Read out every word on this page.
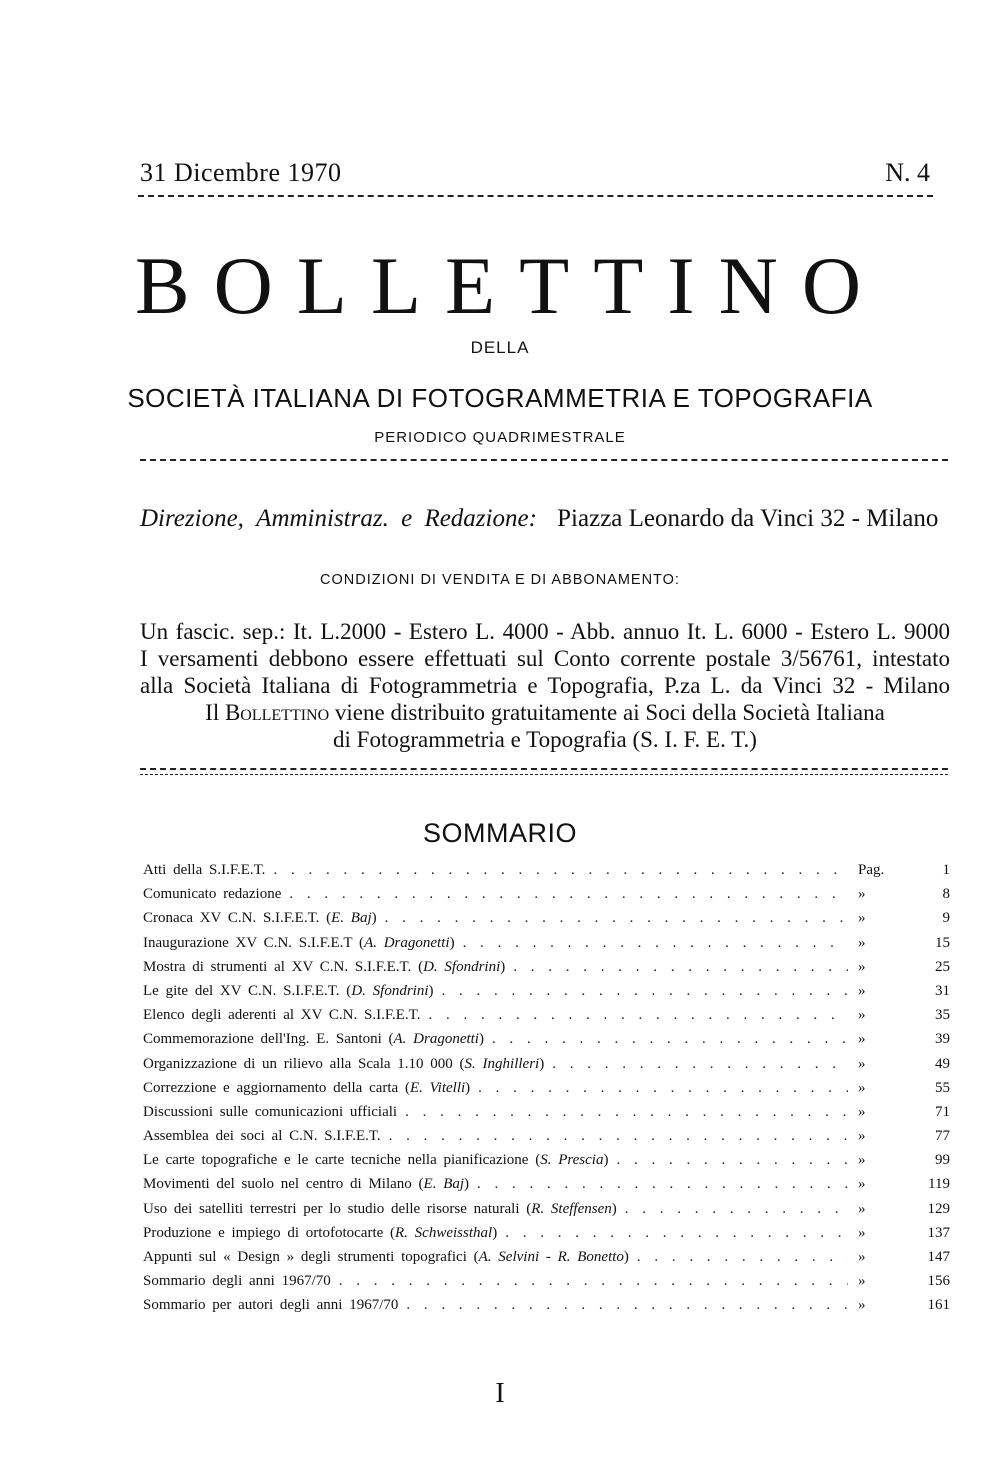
31 Dicembre 1970	N. 4
BOLLETTINO
DELLA
SOCIETÀ ITALIANA DI FOTOGRAMMETRIA E TOPOGRAFIA
PERIODICO QUADRIMESTRALE
Direzione, Amministraz. e Redazione: Piazza Leonardo da Vinci 32 - Milano
CONDIZIONI DI VENDITA E DI ABBONAMENTO:
Un fascic. sep.: It. L.2000 - Estero L. 4000 - Abb. annuo It. L. 6000 - Estero L. 9000
I versamenti debbono essere effettuati sul Conto corrente postale 3/56761, intestato
alla Società Italiana di Fotogrammetria e Topografia, P.za L. da Vinci 32 - Milano
Il Bollettino viene distribuito gratuitamente ai Soci della Società Italiana
di Fotogrammetria e Topografia (S. I. F. E. T.)
SOMMARIO
Atti della S.I.F.E.T. . . .	Pag.	1
Comunicato redazione . . .	»	8
Cronaca XV C.N. S.I.F.E.T. (E. Baj) . . .	»	9
Inaugurazione XV C.N. S.I.F.E.T (A. Dragonetti) . . .	»	15
Mostra di strumenti al XV C.N. S.I.F.E.T. (D. Sfondrini) . . .	»	25
Le gite del XV C.N. S.I.F.E.T. (D. Sfondrini) . . .	»	31
Elenco degli aderenti al XV C.N. S.I.F.E.T. . . .	»	35
Commemorazione dell'Ing. E. Santoni (A. Dragonetti) . . .	»	39
Organizzazione di un rilievo alla Scala 1.10 000 (S. Inghilleri) . . .	»	49
Correzzione e aggiornamento della carta (E. Vitelli) . . .	»	55
Discussioni sulle comunicazioni ufficiali . . .	»	71
Assemblea dei soci al C.N. S.I.F.E.T. . . .	»	77
Le carte topografiche e le carte tecniche nella pianificazione (S. Prescia) . . .	»	99
Movimenti del suolo nel centro di Milano (E. Baj) . . .	»	119
Uso dei satelliti terrestri per lo studio delle risorse naturali (R. Steffensen) . . .	»	129
Produzione e impiego di ortofotocarte (R. Schweissthal) . . .	»	137
Appunti sul « Design » degli strumenti topografici (A. Selvini - R. Bonetto) . . .	»	147
Sommario degli anni 1967/70 . . .	»	156
Sommario per autori degli anni 1967/70 . . .	»	161
I
